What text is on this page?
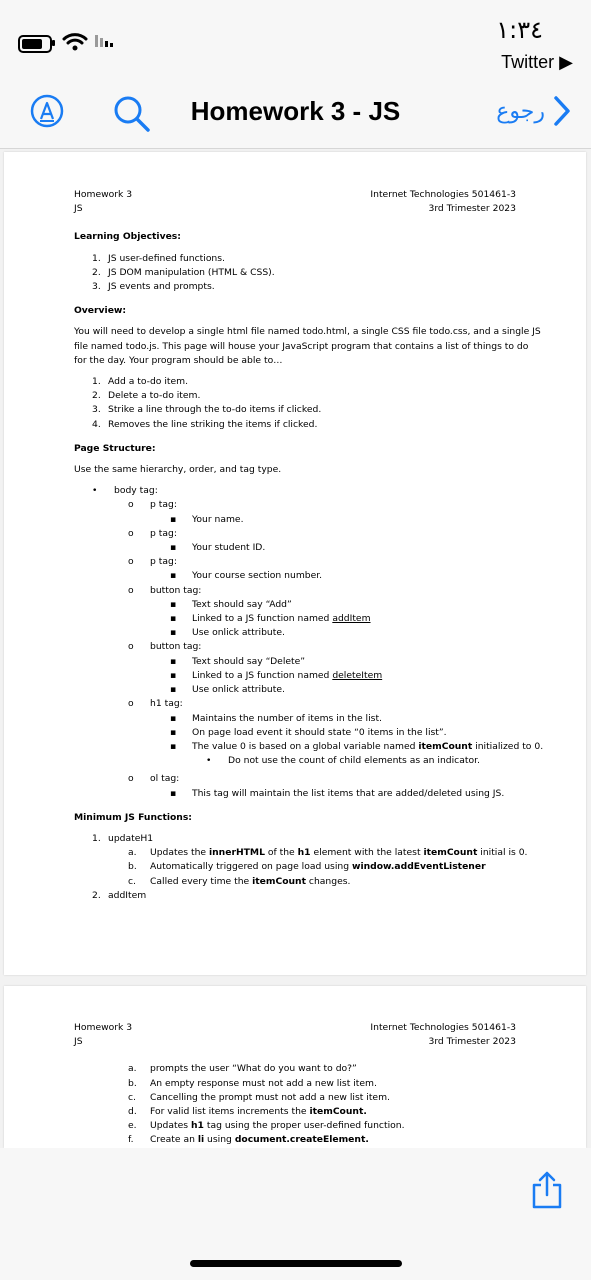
١:٣٤
Twitter ▶
Homework 3 - JS	رجوع
Homework 3
JS
Internet Technologies 501461-3
3rd Trimester 2023
Learning Objectives:
1. JS user-defined functions.
2. JS DOM manipulation (HTML & CSS).
3. JS events and prompts.
Overview:
You will need to develop a single html file named todo.html, a single CSS file todo.css, and a single JS
file named todo.js. This page will house your JavaScript program that contains a list of things to do
for the day. Your program should be able to…
1. Add a to-do item.
2. Delete a to-do item.
3. Strike a line through the to-do items if clicked.
4. Removes the line striking the items if clicked.
Page Structure:
Use the same hierarchy, order, and tag type.
• body tag:
o p tag:
▪ Your name.
o p tag:
▪ Your student ID.
o p tag:
▪ Your course section number.
o button tag:
▪ Text should say “Add”
▪ Linked to a JS function named addItem
▪ Use onlick attribute.
o button tag:
▪ Text should say “Delete”
▪ Linked to a JS function named deleteItem
▪ Use onlick attribute.
o h1 tag:
▪ Maintains the number of items in the list.
▪ On page load event it should state “0 items in the list”.
▪ The value 0 is based on a global variable named itemCount initialized to 0.
• Do not use the count of child elements as an indicator.
o ol tag:
▪ This tag will maintain the list items that are added/deleted using JS.
Minimum JS Functions:
1. updateH1
a. Updates the innerHTML of the h1 element with the latest itemCount initial is 0.
b. Automatically triggered on page load using window.addEventListener
c. Called every time the itemCount changes.
2. addItem
Homework 3
JS
Internet Technologies 501461-3
3rd Trimester 2023
a. prompts the user “What do you want to do?”
b. An empty response must not add a new list item.
c. Cancelling the prompt must not add a new list item.
d. For valid list items increments the itemCount.
e. Updates h1 tag using the proper user-defined function.
f. Create an li using document.createElement.
